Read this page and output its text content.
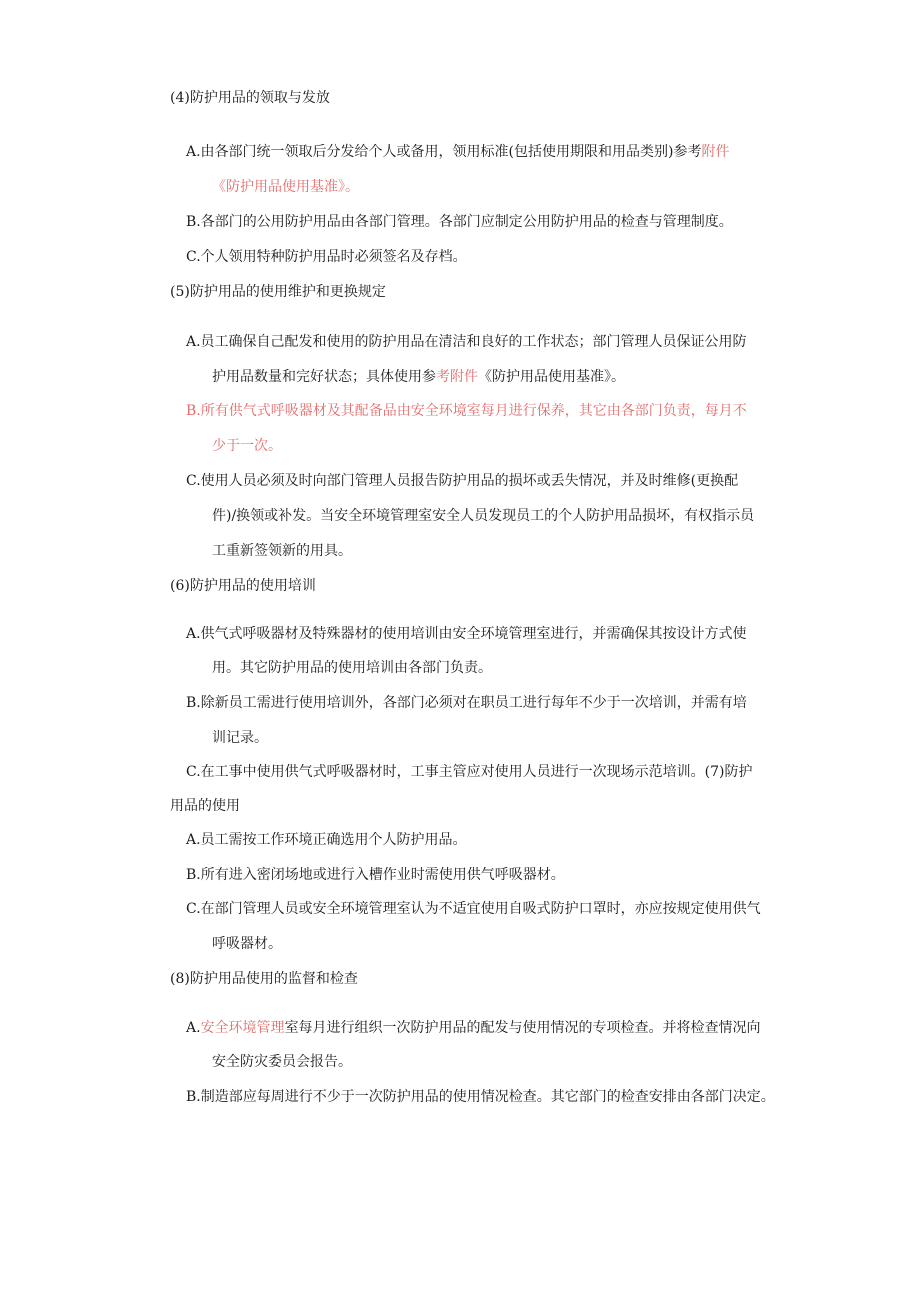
(4)防护用品的领取与发放
A.由各部门统一领取后分发给个人或备用，领用标准(包括使用期限和用品类别)参考附件
《防护用品使用基准》。
B.各部门的公用防护用品由各部门管理。各部门应制定公用防护用品的检查与管理制度。
C.个人领用特种防护用品时必须签名及存档。
(5)防护用品的使用维护和更换规定
A.员工确保自己配发和使用的防护用品在清洁和良好的工作状态；部门管理人员保证公用防
护用品数量和完好状态；具体使用参考附件《防护用品使用基准》。
B.所有供气式呼吸器材及其配备品由安全环境室每月进行保养，其它由各部门负责，每月不
少于一次。
C.使用人员必须及时向部门管理人员报告防护用品的损坏或丢失情况，并及时维修(更换配
件)/换领或补发。当安全环境管理室安全人员发现员工的个人防护用品损坏，有权指示员
工重新签领新的用具。
(6)防护用品的使用培训
A.供气式呼吸器材及特殊器材的使用培训由安全环境管理室进行，并需确保其按设计方式使
用。其它防护用品的使用培训由各部门负责。
B.除新员工需进行使用培训外，各部门必须对在职员工进行每年不少于一次培训，并需有培
训记录。
C.在工事中使用供气式呼吸器材时，工事主管应对使用人员进行一次现场示范培训。(7)防护
用品的使用
A.员工需按工作环境正确选用个人防护用品。
B.所有进入密闭场地或进行入槽作业时需使用供气呼吸器材。
C.在部门管理人员或安全环境管理室认为不适宜使用自吸式防护口罩时，亦应按规定使用供气
呼吸器材。
(8)防护用品使用的监督和检查
A.安全环境管理室每月进行组织一次防护用品的配发与使用情况的专项检查。并将检查情况向
安全防灾委员会报告。
B.制造部应每周进行不少于一次防护用品的使用情况检查。其它部门的检查安排由各部门决定。
